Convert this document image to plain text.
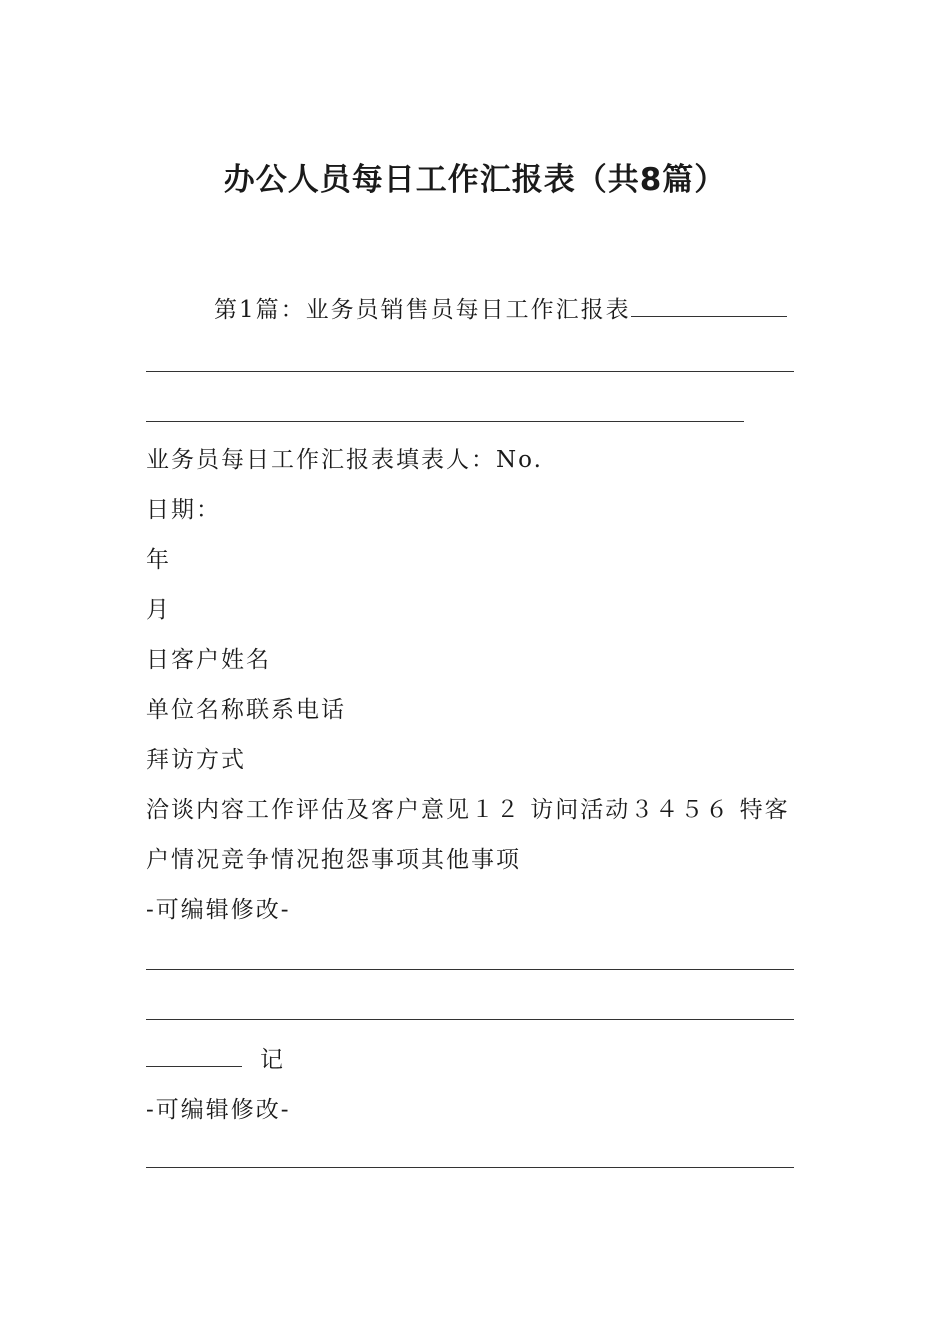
办公人员每日工作汇报表（共8篇）
第1篇：业务员销售员每日工作汇报表
业务员每日工作汇报表填表人：No.
日期：
年
月
日客户姓名
单位名称联系电话
拜访方式
洽谈内容工作评估及客户意见１２ 访问活动３４５６ 特客
户情况竞争情况抱怨事项其他事项
-可编辑修改-
记
-可编辑修改-
